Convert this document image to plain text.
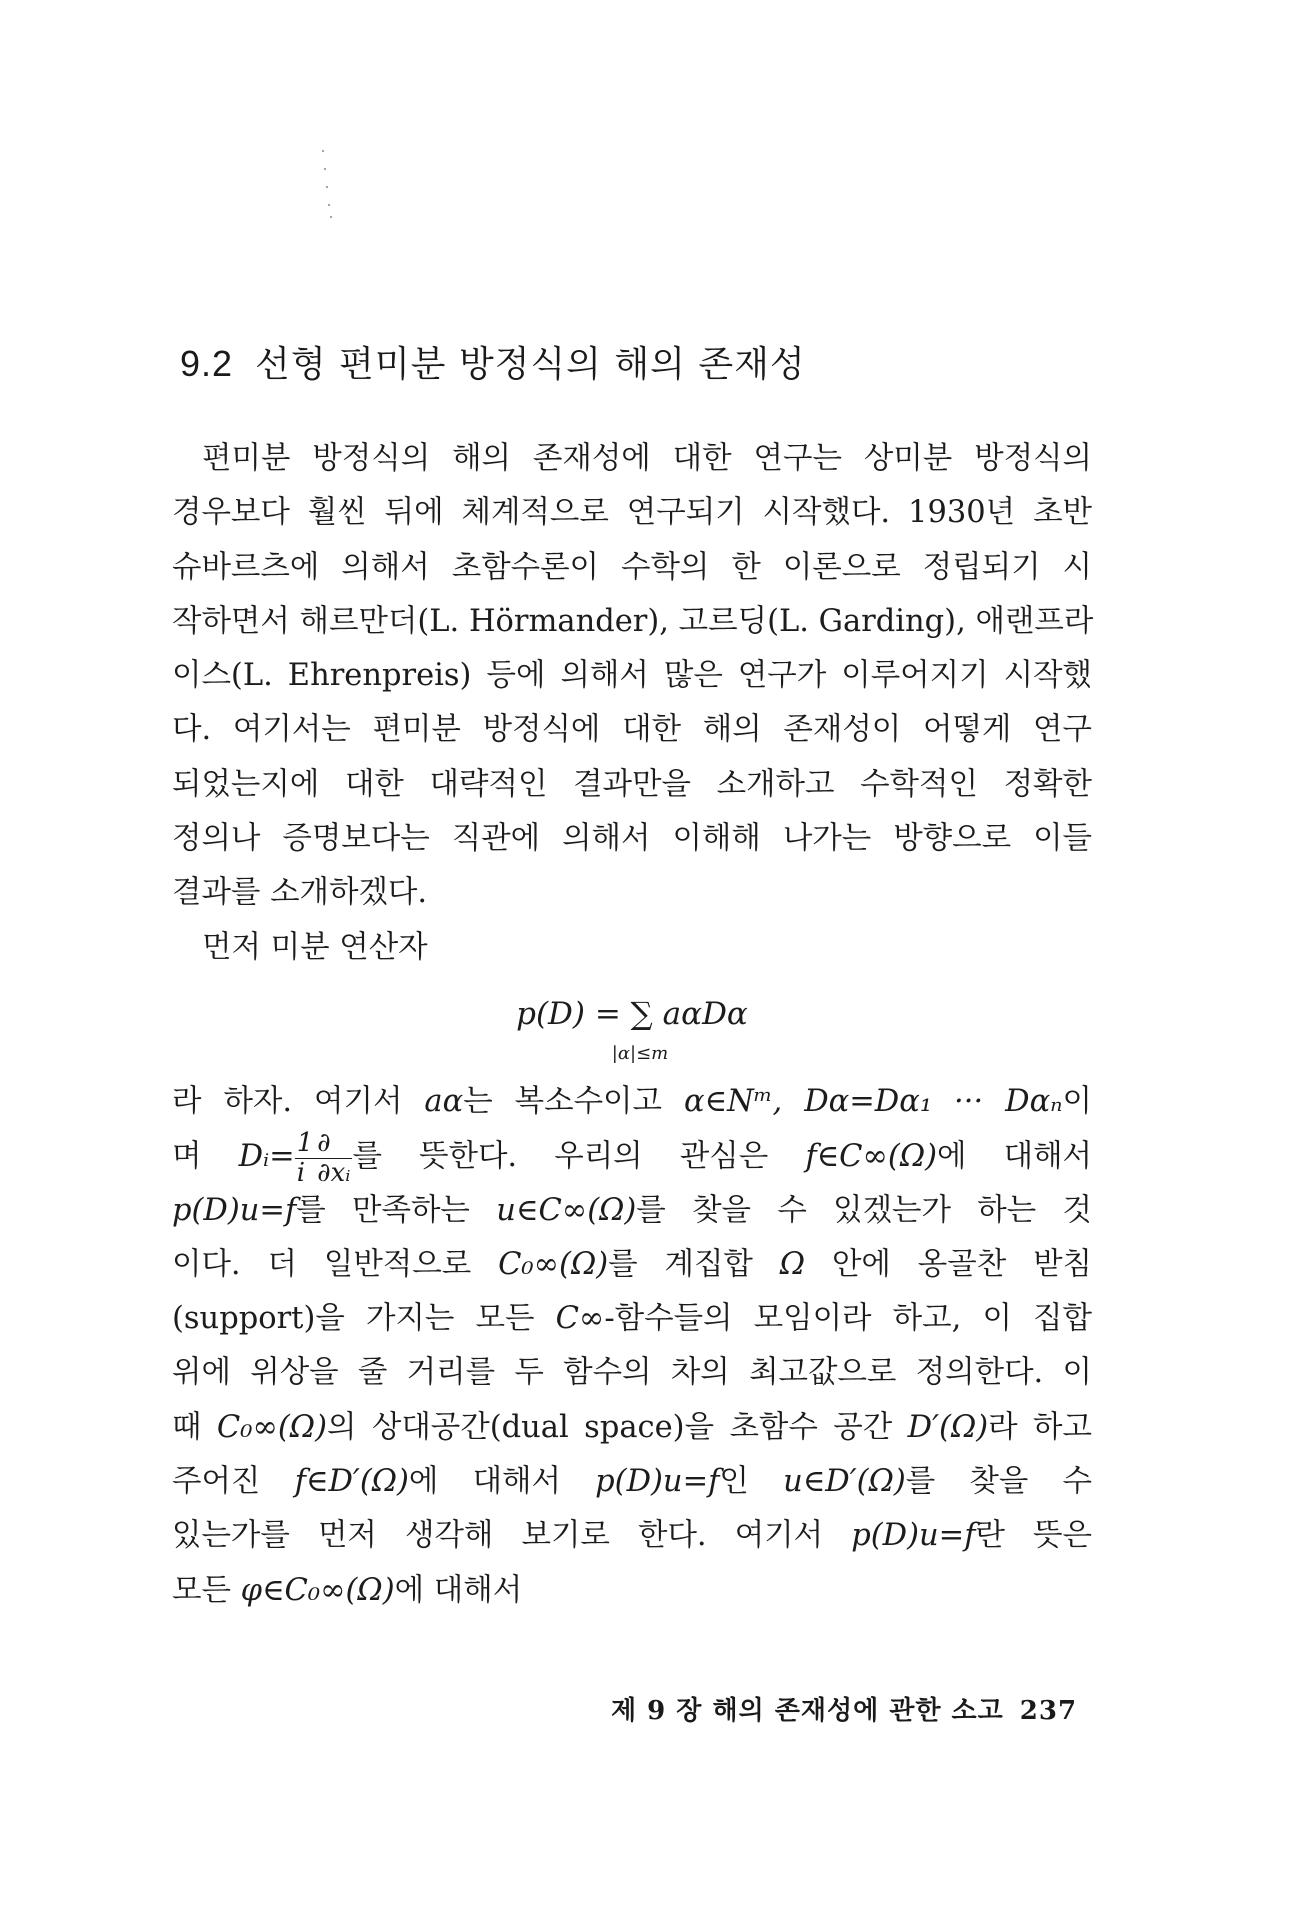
9.2 선형 편미분 방정식의 해의 존재성
편미분 방정식의 해의 존재성에 대한 연구는 상미분 방정식의
경우보다 훨씬 뒤에 체계적으로 연구되기 시작했다. 1930년 초반
슈바르츠에 의해서 초함수론이 수학의 한 이론으로 정립되기 시
작하면서 해르만더(L. Hörmander), 고르딩(L. Garding), 애랜프라
이스(L. Ehrenpreis) 등에 의해서 많은 연구가 이루어지기 시작했
다. 여기서는 편미분 방정식에 대한 해의 존재성이 어떻게 연구
되었는지에 대한 대략적인 결과만을 소개하고 수학적인 정확한
정의나 증명보다는 직관에 의해서 이해해 나가는 방향으로 이들
결과를 소개하겠다.
먼저 미분 연산자
p(D) = ∑ aαDα
|α|≤m
라 하자. 여기서 aα는 복소수이고 α∈Nᵐ, Dα=Dα₁ ··· Dαₙ이
며 Dᵢ= $\frac{1}{i} \frac{\partial}{\text{∂xᵢ}}$ 를 뜻한다. 우리의 관심은 f∈C∞(Ω)에 대해서
p(D)u=f를 만족하는 u∈C∞(Ω)를 찾을 수 있겠는가 하는 것
이다. 더 일반적으로 C₀∞(Ω)를 계집합 Ω 안에 옹골찬 받침
(support)을 가지는 모든 C∞-함수들의 모임이라 하고, 이 집합
위에 위상을 줄 거리를 두 함수의 차의 최고값으로 정의한다. 이
때 C₀∞(Ω)의 상대공간(dual space)을 초함수 공간 D′(Ω)라 하고
주어진 f∈D′(Ω)에 대해서 p(D)u=f인 u∈D′(Ω)를 찾을 수
있는가를 먼저 생각해 보기로 한다. 여기서 p(D)u=f란 뜻은
모든 φ∈C₀∞(Ω)에 대해서
제 9 장 해의 존재성에 관한 소고 237
